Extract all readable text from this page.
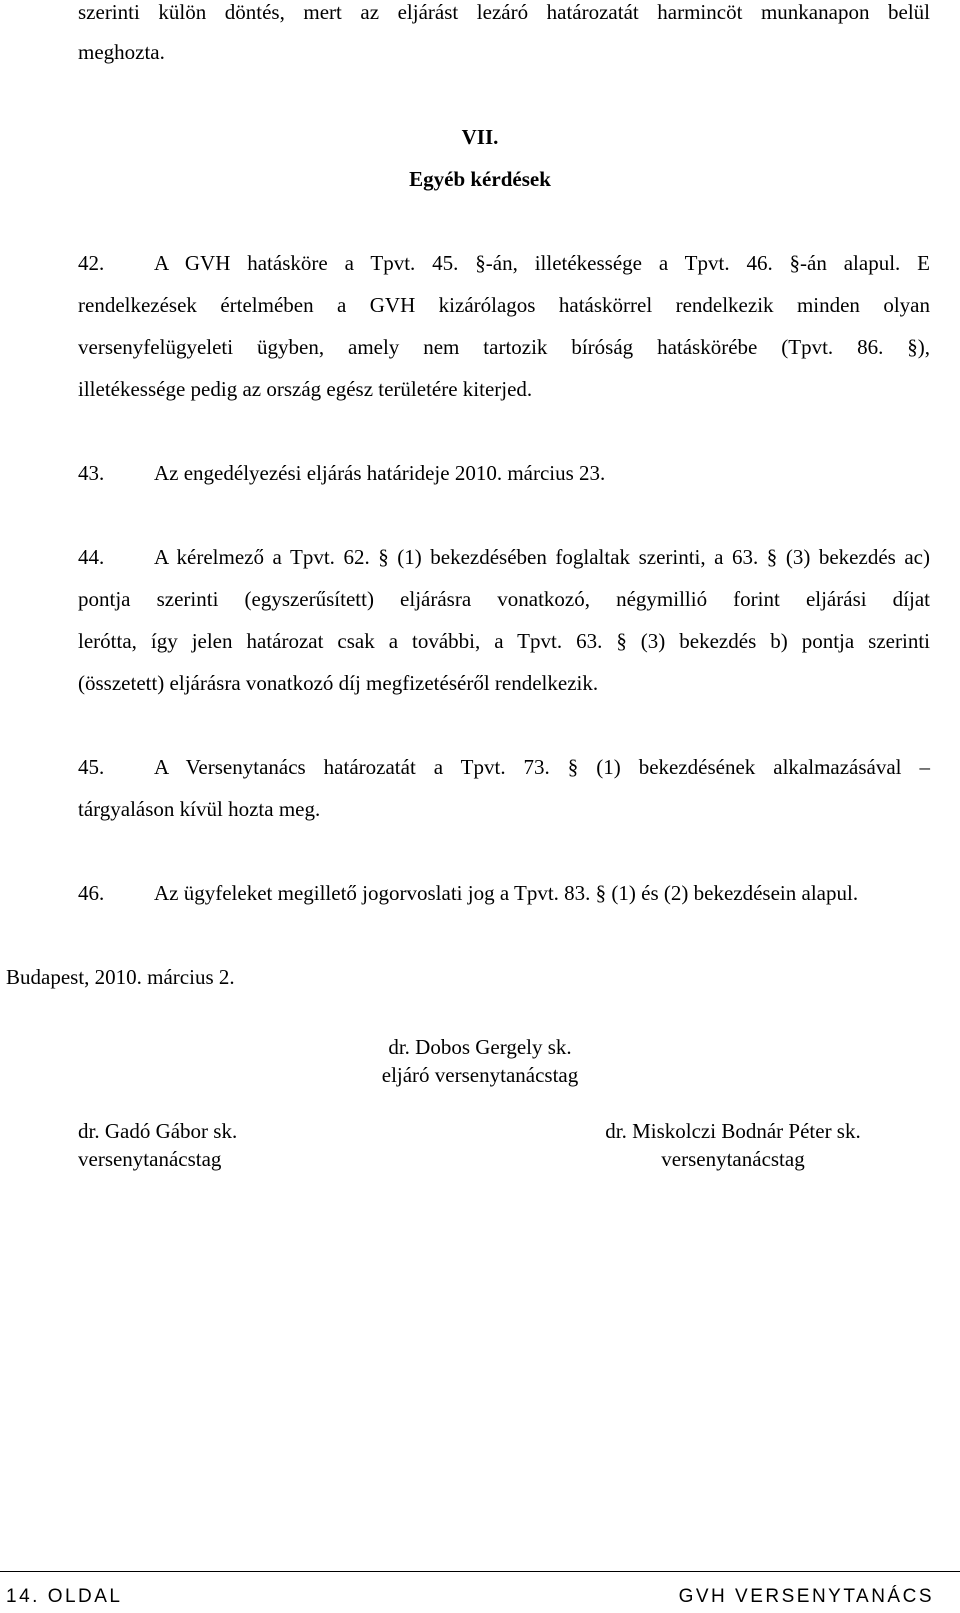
szerinti külön döntés, mert az eljárást lezáró határozatát harmincöt munkanapon belül
meghozta.
VII.
Egyéb kérdések
42.	A GVH hatásköre a Tpvt. 45. §-án, illetékessége a Tpvt. 46. §-án alapul. E
rendelkezések értelmében a GVH kizárólagos hatáskörrel rendelkezik minden olyan
versenyfelügyeleti ügyben, amely nem tartozik bíróság hatáskörébe (Tpvt. 86. §),
illetékessége pedig az ország egész területére kiterjed.
43.	Az engedélyezési eljárás határideje 2010. március 23.
44.	A kérelmező a Tpvt. 62. § (1) bekezdésében foglaltak szerinti, a 63. § (3) bekezdés ac)
pontja szerinti (egyszerűsített) eljárásra vonatkozó, négymillió forint eljárási díjat
lerótta, így jelen határozat csak a további, a Tpvt. 63. § (3) bekezdés b) pontja szerinti
(összetett) eljárásra vonatkozó díj megfizetéséről rendelkezik.
45.	A Versenytanács határozatát a Tpvt. 73. § (1) bekezdésének alkalmazásával –
tárgyaláson kívül hozta meg.
46.	Az ügyfeleket megillető jogorvoslati jog a Tpvt. 83. § (1) és (2) bekezdésein alapul.
Budapest, 2010. március 2.
dr. Dobos Gergely sk.
eljáró versenytanácstag
dr. Gadó Gábor sk.
versenytanácstag
dr. Miskolczi Bodnár Péter sk.
versenytanácstag
14. OLDAL	GVH VERSENYTANÁCS
